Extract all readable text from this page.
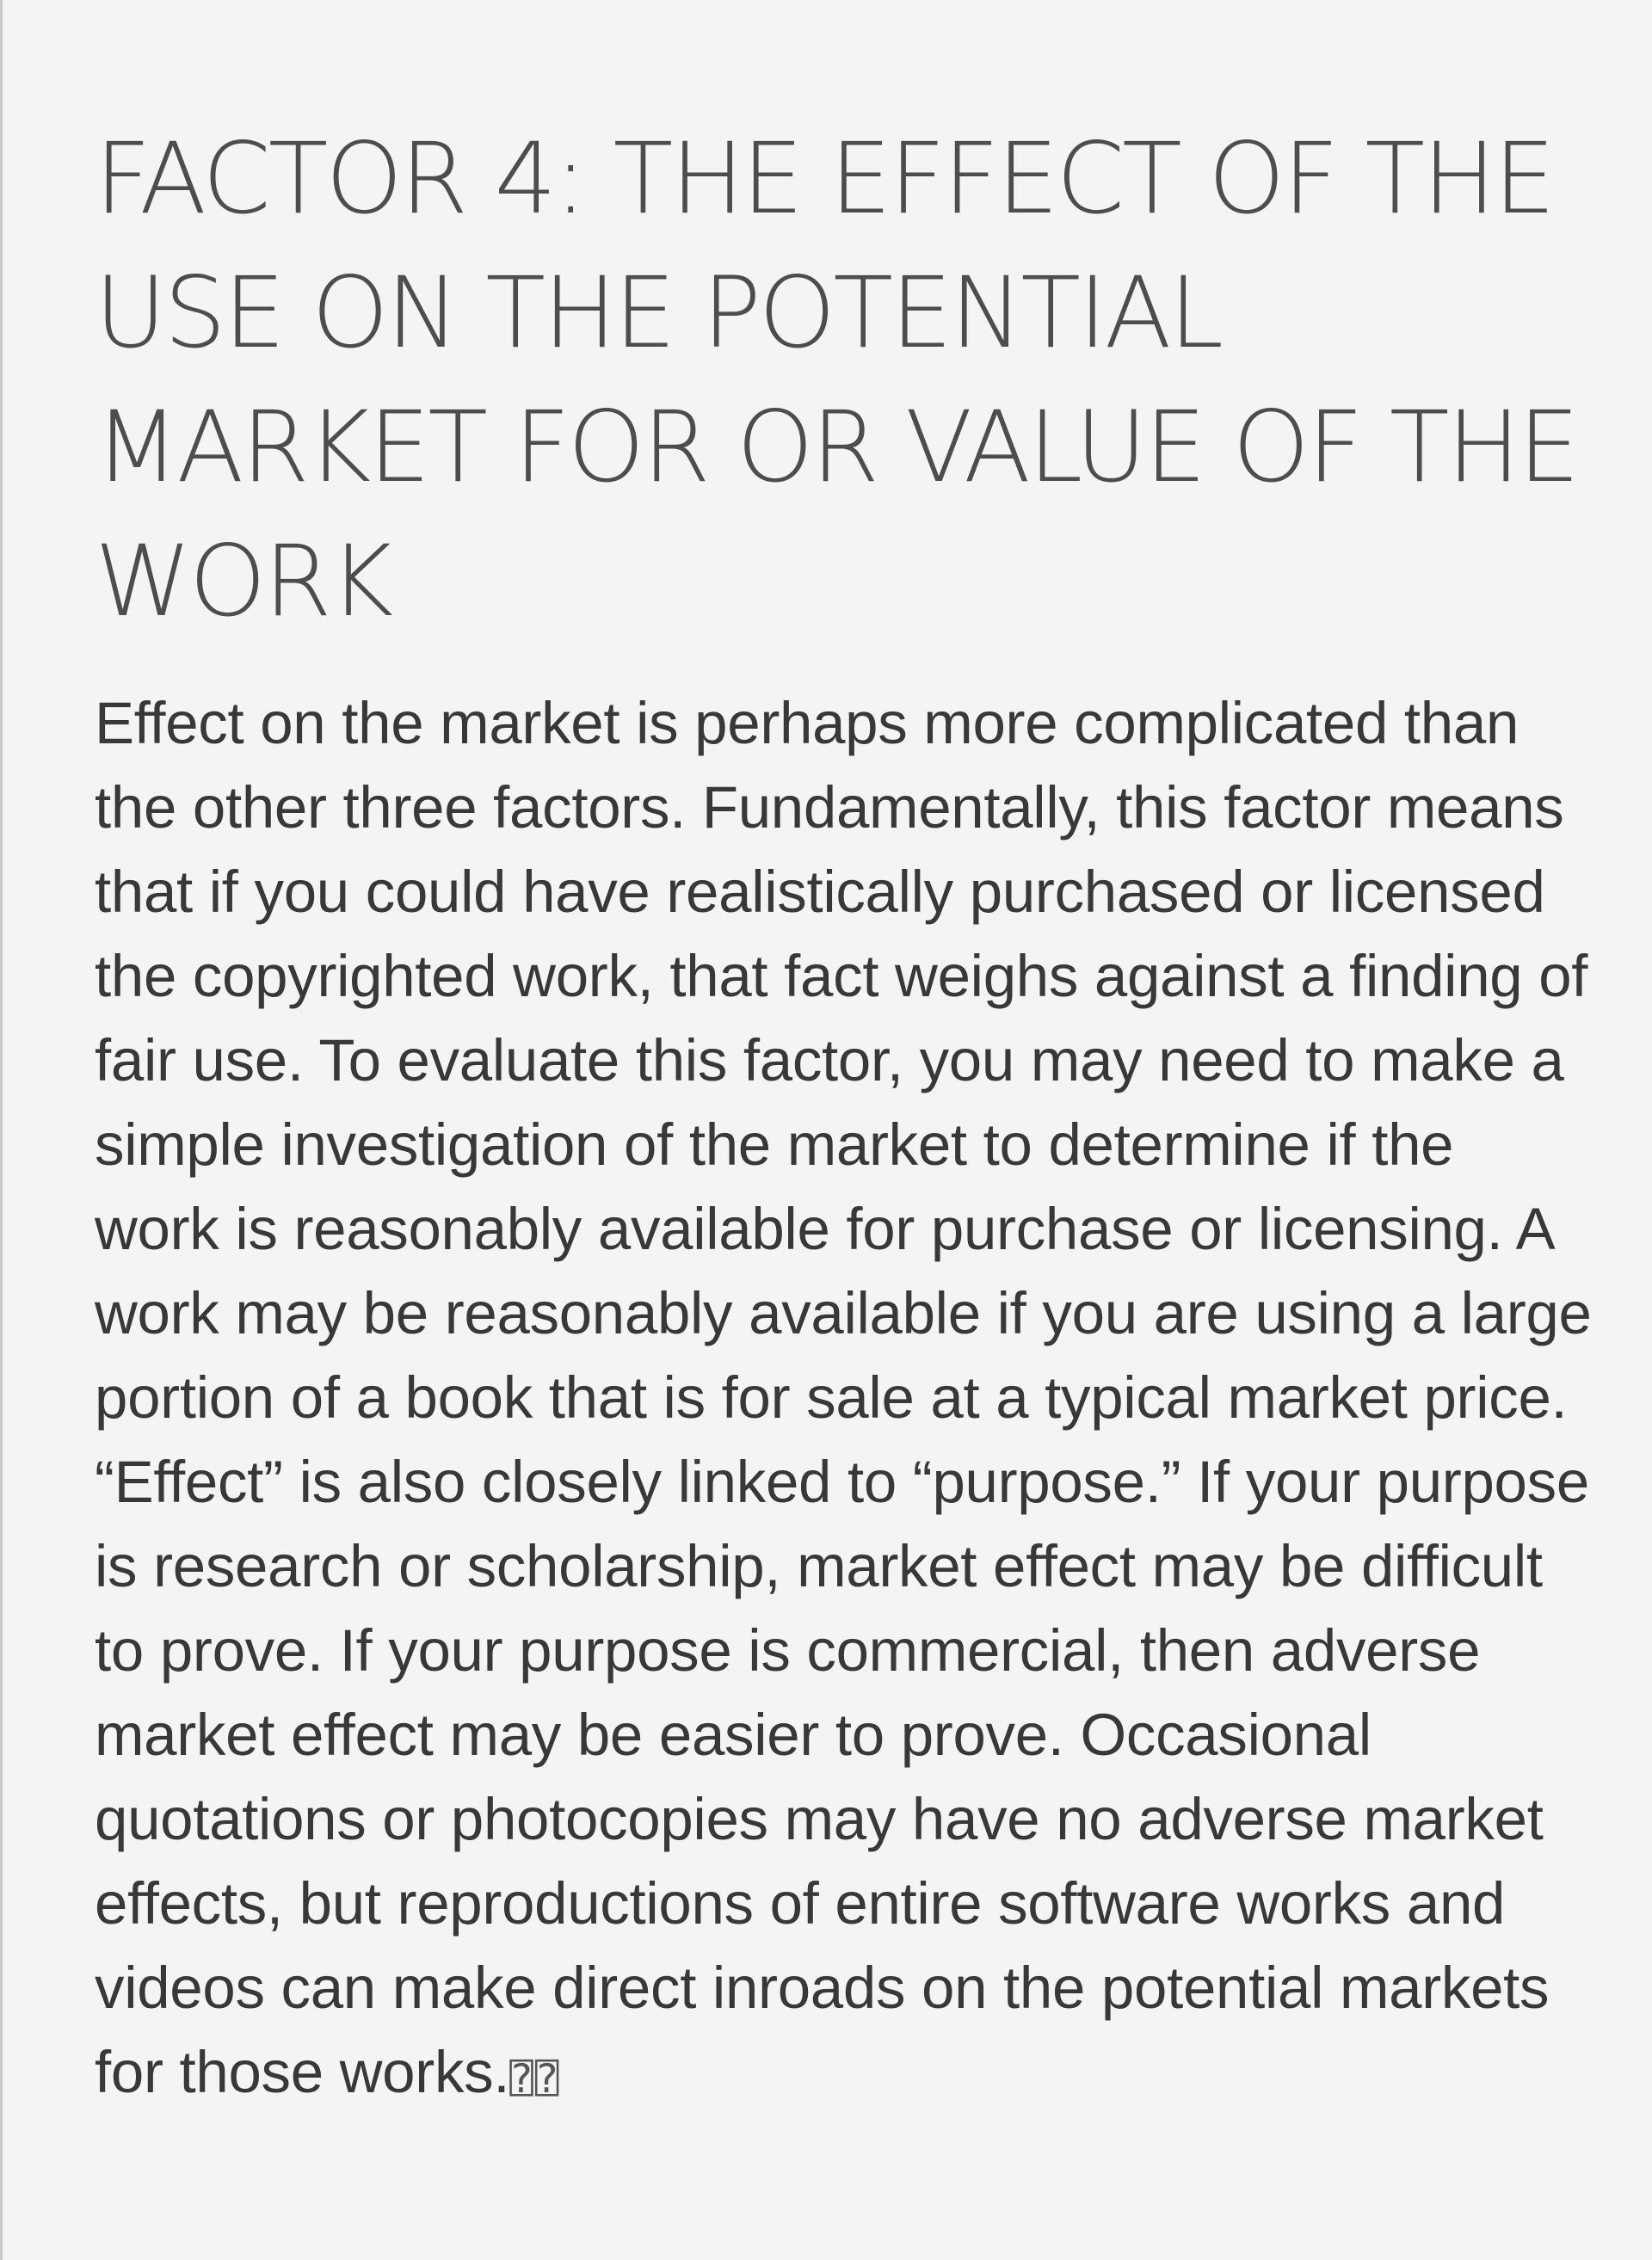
FACTOR 4: THE EFFECT OF THE USE ON THE POTENTIAL MARKET FOR OR VALUE OF THE WORK

Effect on the market is perhaps more complicated than the other three factors. Fundamentally, this factor means that if you could have realistically purchased or licensed the copyrighted work, that fact weighs against a finding of fair use. To evaluate this factor, you may need to make a simple investigation of the market to determine if the work is reasonably available for purchase or licensing. A work may be reasonably available if you are using a large portion of a book that is for sale at a typical market price. “Effect” is also closely linked to “purpose.” If your purpose is research or scholarship, market effect may be difficult to prove. If your purpose is commercial, then adverse market effect may be easier to prove. Occasional quotations or photocopies may have no adverse market effects, but reproductions of entire software works and videos can make direct inroads on the potential markets for those works.⍰⍰
